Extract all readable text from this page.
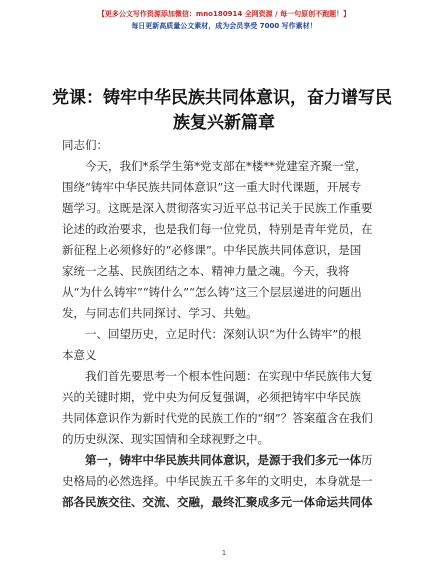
【更多公文写作资源添加微信：mno180914 全网资源 / 每一句原创不跑题！】
每日更新高质量公文素材，成为会员享受 7000 写作素材！
党课：铸牢中华民族共同体意识，奋力谱写民
族复兴新篇章
同志们：
今天，我们*系学生第*党支部在*楼**党建室齐聚一堂，
围绕“铸牢中华民族共同体意识”这一重大时代课题，开展专
题学习。这既是深入贯彻落实习近平总书记关于民族工作重要
论述的政治要求，也是我们每一位党员，特别是青年党员，在
新征程上必须修好的“必修课”。中华民族共同体意识，是国
家统一之基、民族团结之本、精神力量之魂。今天，我将
从“为什么铸牢”“铸什么”“怎么铸”这三个层层递进的问题出
发，与同志们共同探讨、学习、共勉。
一、回望历史，立足时代：深刻认识“为什么铸牢”的根
本意义
我们首先要思考一个根本性问题：在实现中华民族伟大复
兴的关键时期，党中央为何反复强调，必须把铸牢中华民族
共同体意识作为新时代党的民族工作的“纲”？答案蕴含在我们
的历史纵深、现实国情和全球视野之中。
第一，铸牢中华民族共同体意识，是源于我们多元一体历
史格局的必然选择。中华民族五千多年的文明史，本身就是一
部各民族交往、交流、交融，最终汇聚成多元一体命运共同体
1
